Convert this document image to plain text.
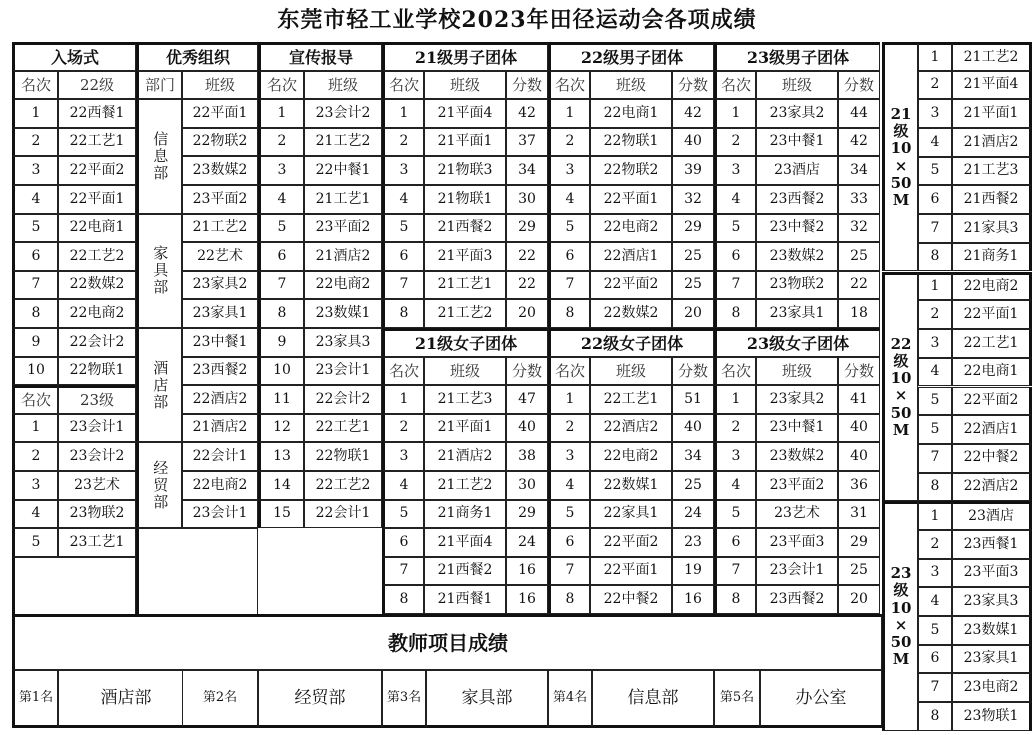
东莞市轻工业学校2023年田径运动会各项成绩
入场式
名次	22级
1	22西餐1
2	22工艺1
3	22平面2
4	22平面1
5	22电商1
6	22工艺2
7	22数媒2
8	22电商2
9	22会计2
10	22物联1
名次	23级
1	23会计1
2	23会计2
3	23艺术
4	23物联2
5	23工艺1
优秀组织
部门	班级
信息部
22平面1
22物联2
23数媒2
23平面2
家具部
21工艺2
22艺术
23家具2
23家具1
酒店部
23中餐1
23西餐2
22酒店2
21酒店2
经贸部
22会计1
22电商2
23会计1
宣传报导
名次	班级
1	23会计2
2	21工艺2
3	22中餐1
4	21工艺1
5	23平面2
6	21酒店2
7	22电商2
8	23数媒1
9	23家具3
10	23会计1
11	22会计2
12	22工艺1
13	22物联1
14	22工艺2
15	22会计1
21级男子团体
名次	班级	分数
1	21平面4	42
2	21平面1	37
3	21物联3	34
4	21物联1	30
5	21西餐2	29
6	21平面3	22
7	21工艺1	22
8	21工艺2	20
22级男子团体
名次	班级	分数
1	22电商1	42
2	22物联1	40
3	22物联2	39
4	22平面1	32
5	22电商2	29
6	22酒店1	25
7	22平面2	25
8	22数媒2	20
23级男子团体
名次	班级	分数
1	23家具2	44
2	23中餐1	42
3	23酒店	34
4	23西餐2	33
5	23中餐2	32
6	23数媒2	25
7	23物联2	22
8	23家具1	18
21级女子团体
名次	班级	分数
1	21工艺3	47
2	21平面1	40
3	21酒店2	38
4	21工艺2	30
5	21商务1	29
6	21平面4	24
7	21西餐2	16
8	21西餐1	16
22级女子团体
名次	班级	分数
1	22工艺1	51
2	22酒店2	40
3	22电商2	34
4	22数媒1	25
5	22家具1	24
6	22平面2	23
7	22平面1	19
8	22中餐2	16
23级女子团体
名次	班级	分数
1	23家具2	41
2	23中餐1	40
3	23数媒2	40
4	23平面2	36
5	23艺术	31
6	23平面3	29
7	23会计1	25
8	23西餐2	20
21
级
10
×
50
M
1	21工艺2
2	21平面4
3	21平面1
4	21酒店2
5	21工艺3
6	21西餐2
7	21家具3
8	21商务1
22
级
10
×
50
M
1	22电商2
2	22平面1
3	22工艺1
4	22电商1
5	22平面2
5	22酒店1
7	22中餐2
8	22酒店2
23
级
10
×
50
M
1	23酒店
2	23西餐1
3	23平面3
4	23家具3
5	23数媒1
6	23家具1
7	23电商2
8	23物联1
教师项目成绩
第1名	酒店部	第2名	经贸部	第3名	家具部	第4名	信息部	第5名	办公室
